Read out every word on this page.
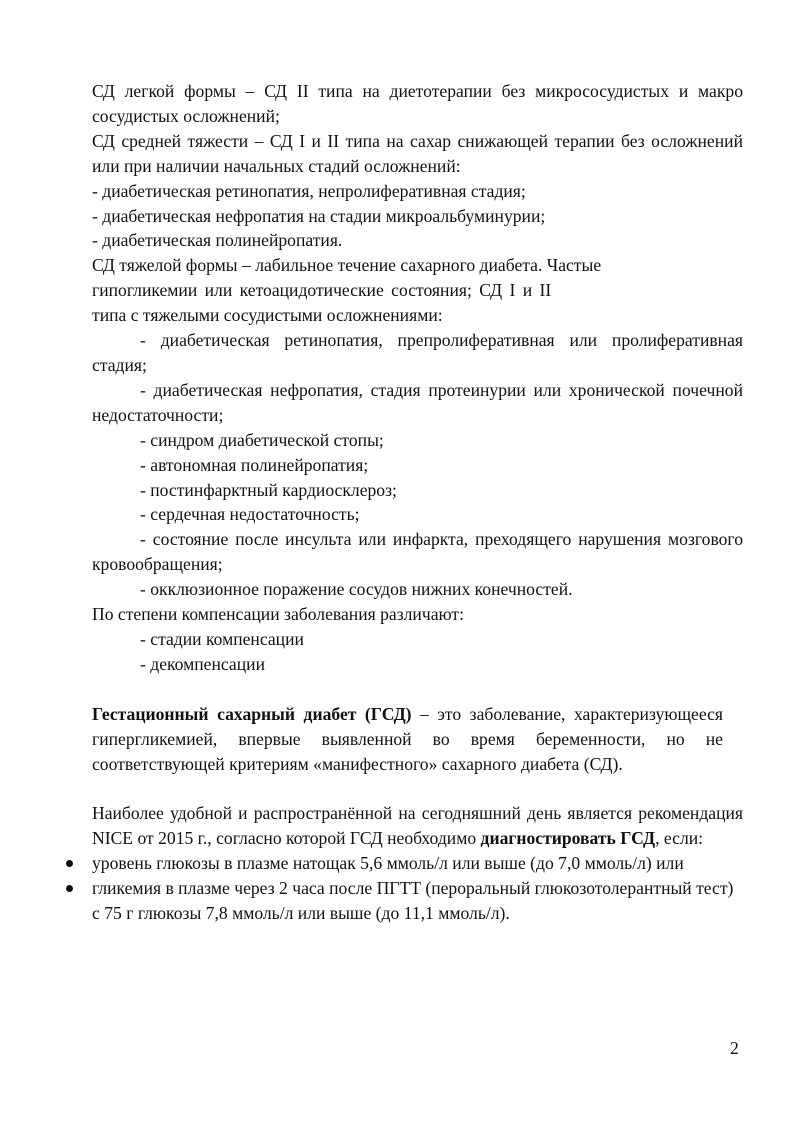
СД легкой формы – СД II типа на диетотерапии без микрососудистых и макро сосудистых осложнений;

СД средней тяжести – СД I и II типа на сахар снижающей терапии без осложнений или при наличии начальных стадий осложнений:

- диабетическая ретинопатия, непролиферативная стадия;

- диабетическая нефропатия на стадии микроальбуминурии;

- диабетическая полинейропатия.

СД тяжелой формы – лабильное течение сахарного диабета. Частые

гипогликемии или кетоацидотические состояния; СД I и II

типа с тяжелыми сосудистыми осложнениями:

- диабетическая ретинопатия, препролиферативная или пролиферативная стадия;

- диабетическая нефропатия, стадия протеинурии или хронической почечной недостаточности;

- синдром диабетической стопы;

- автономная полинейропатия;

- постинфарктный кардиосклероз;

- сердечная недостаточность;

- состояние после инсульта или инфаркта, преходящего нарушения мозгового кровообращения;

- окклюзионное поражение сосудов нижних конечностей.

По степени компенсации заболевания различают:

- стадии компенсации

- декомпенсации

Гестационный сахарный диабет (ГСД) – это заболевание, характеризующееся гипергликемией, впервые выявленной во время беременности, но не соответствующей критериям «манифестного» сахарного диабета (СД).

Наиболее удобной и распространённой на сегодняшний день является рекомендация NICE от 2015 г., согласно которой ГСД необходимо диагностировать ГСД, если:

уровень глюкозы в плазме натощак 5,6 ммоль/л или выше (до 7,0 ммоль/л) или
гликемия в плазме через 2 часа после ПГТТ (пероральный глюкозотолерантный тест) с 75 г глюкозы 7,8 ммоль/л или выше (до 11,1 ммоль/л).
2
